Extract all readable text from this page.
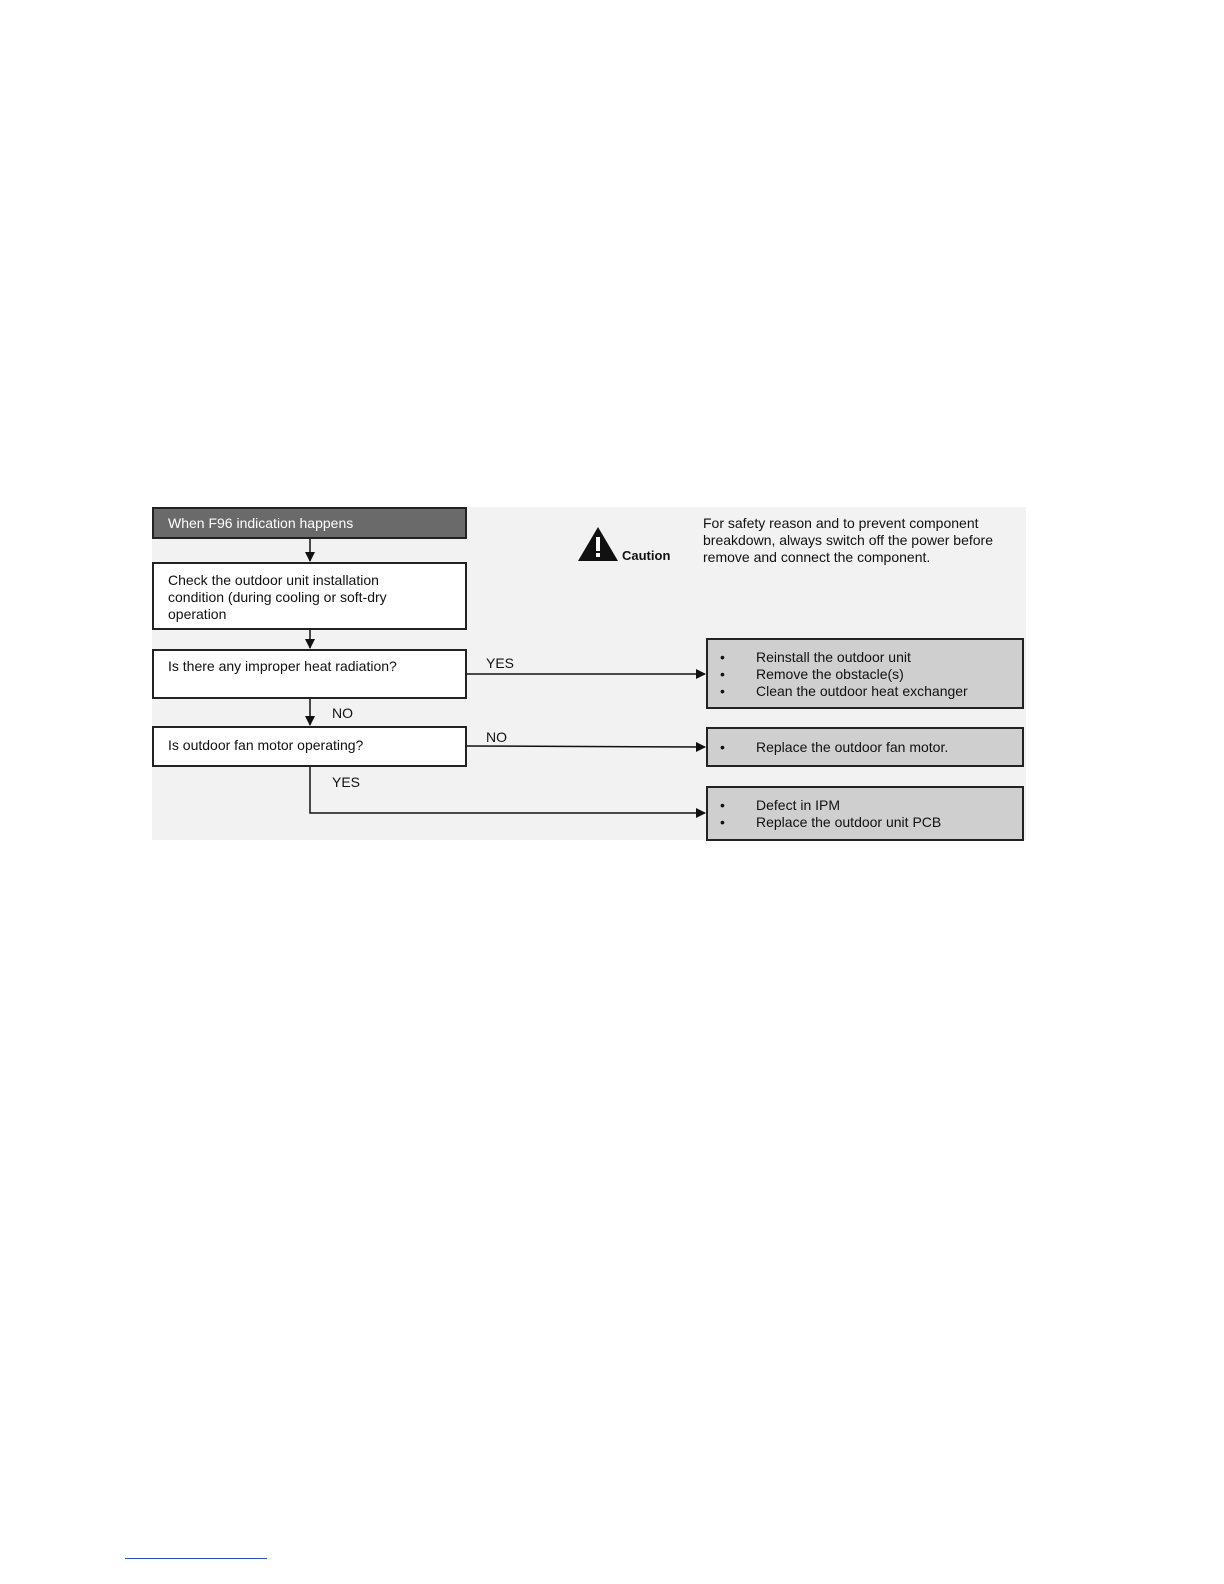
When F96 indication happens
Check the outdoor unit installation condition (during cooling or soft-dry operation
Is there any improper heat radiation?
Is outdoor fan motor operating?
YES
NO
NO
YES
•	Reinstall the outdoor unit
•	Remove the obstacle(s)
•	Clean the outdoor heat exchanger
•	Replace the outdoor fan motor.
•	Defect in IPM
•	Replace the outdoor unit PCB
Caution
For safety reason and to prevent component breakdown, always switch off the power before remove and connect the component.
